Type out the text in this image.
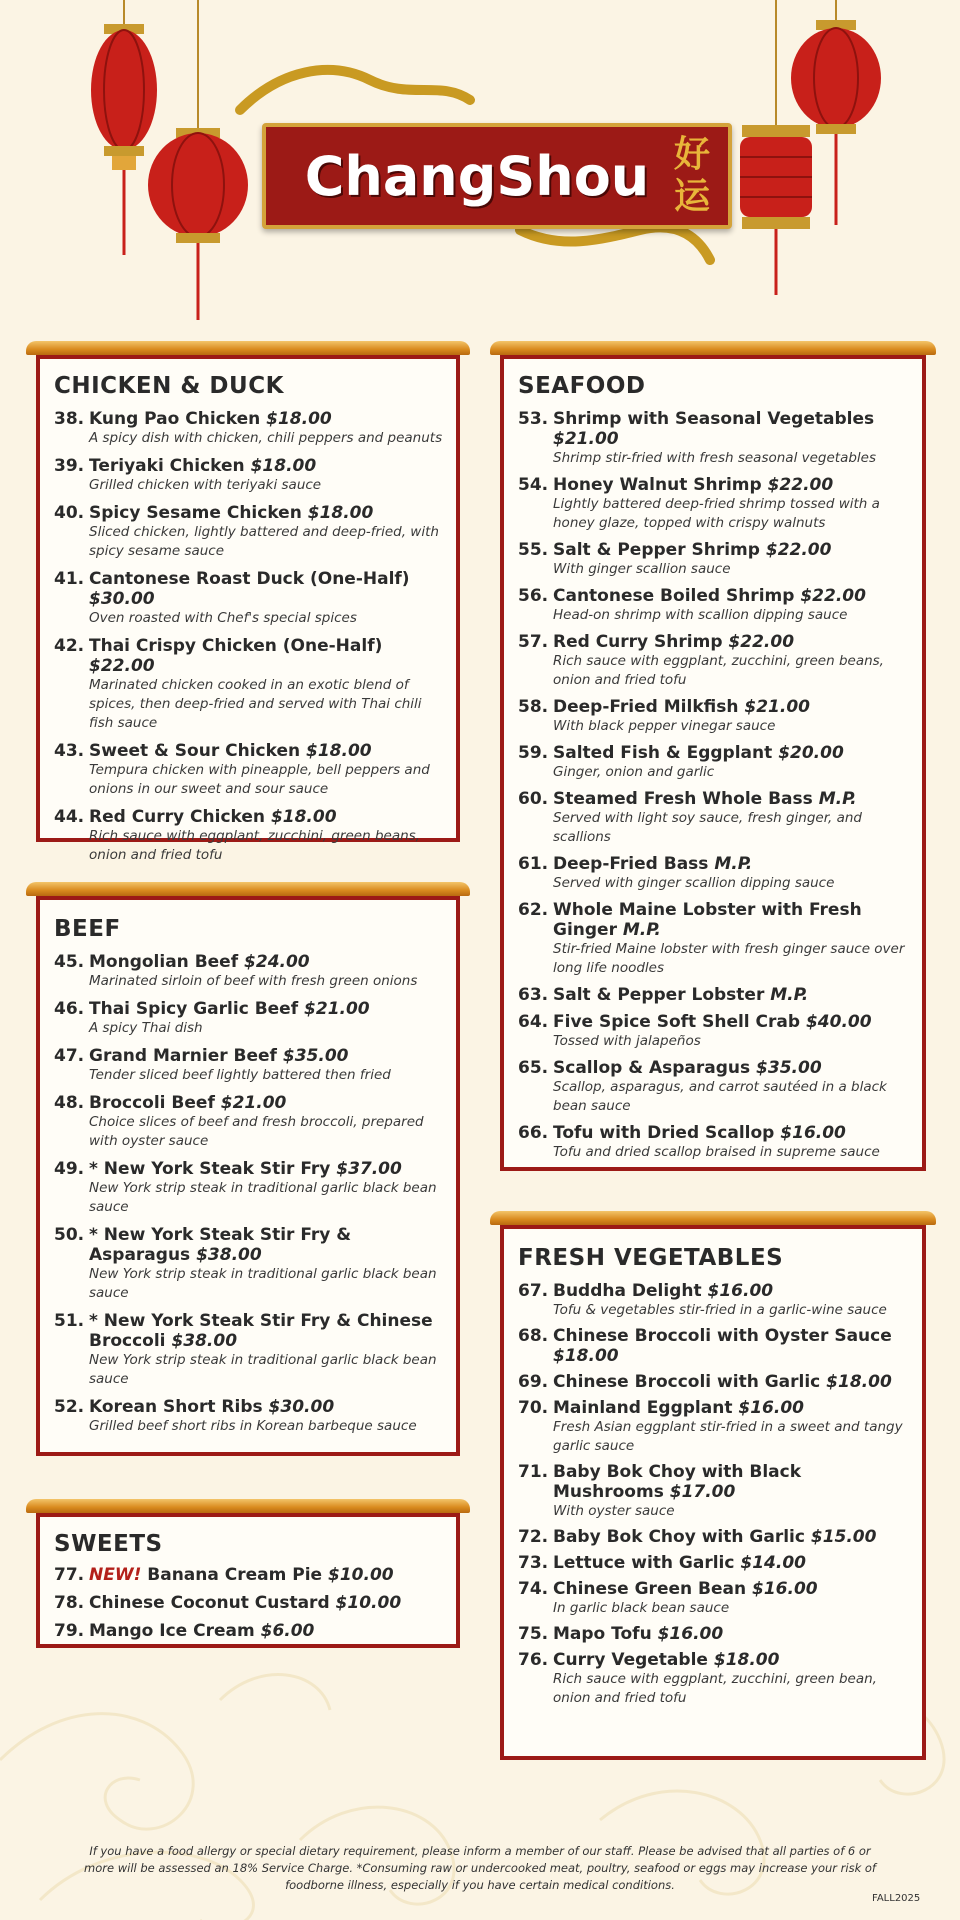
ChangShou 好运
CHICKEN & DUCK
38. Kung Pao Chicken $18.00
A spicy dish with chicken, chili peppers and peanuts
39. Teriyaki Chicken $18.00
Grilled chicken with teriyaki sauce
40. Spicy Sesame Chicken $18.00
Sliced chicken, lightly battered and deep-fried, with spicy sesame sauce
41. Cantonese Roast Duck (One-Half) $30.00
Oven roasted with Chef's special spices
42. Thai Crispy Chicken (One-Half) $22.00
Marinated chicken cooked in an exotic blend of spices, then deep-fried and served with Thai chili fish sauce
43. Sweet & Sour Chicken $18.00
Tempura chicken with pineapple, bell peppers and onions in our sweet and sour sauce
44. Red Curry Chicken $18.00
Rich sauce with eggplant, zucchini, green beans, onion and fried tofu
BEEF
45. Mongolian Beef $24.00
Marinated sirloin of beef with fresh green onions
46. Thai Spicy Garlic Beef $21.00
A spicy Thai dish
47. Grand Marnier Beef $35.00
Tender sliced beef lightly battered then fried
48. Broccoli Beef $21.00
Choice slices of beef and fresh broccoli, prepared with oyster sauce
49. * New York Steak Stir Fry $37.00
New York strip steak in traditional garlic black bean sauce
50. * New York Steak Stir Fry & Asparagus $38.00
New York strip steak in traditional garlic black bean sauce
51. * New York Steak Stir Fry & Chinese Broccoli $38.00
New York strip steak in traditional garlic black bean sauce
52. Korean Short Ribs $30.00
Grilled beef short ribs in Korean barbeque sauce
SWEETS
77. NEW! Banana Cream Pie $10.00
78. Chinese Coconut Custard $10.00
79. Mango Ice Cream $6.00
SEAFOOD
53. Shrimp with Seasonal Vegetables $21.00
Shrimp stir-fried with fresh seasonal vegetables
54. Honey Walnut Shrimp $22.00
Lightly battered deep-fried shrimp tossed with a honey glaze, topped with crispy walnuts
55. Salt & Pepper Shrimp $22.00
With ginger scallion sauce
56. Cantonese Boiled Shrimp $22.00
Head-on shrimp with scallion dipping sauce
57. Red Curry Shrimp $22.00
Rich sauce with eggplant, zucchini, green beans, onion and fried tofu
58. Deep-Fried Milkfish $21.00
With black pepper vinegar sauce
59. Salted Fish & Eggplant $20.00
Ginger, onion and garlic
60. Steamed Fresh Whole Bass M.P.
Served with light soy sauce, fresh ginger, and scallions
61. Deep-Fried Bass M.P.
Served with ginger scallion dipping sauce
62. Whole Maine Lobster with Fresh Ginger M.P.
Stir-fried Maine lobster with fresh ginger sauce over long life noodles
63. Salt & Pepper Lobster M.P.
64. Five Spice Soft Shell Crab $40.00
Tossed with jalapeños
65. Scallop & Asparagus $35.00
Scallop, asparagus, and carrot sautéed in a black bean sauce
66. Tofu with Dried Scallop $16.00
Tofu and dried scallop braised in supreme sauce
FRESH VEGETABLES
67. Buddha Delight $16.00
Tofu & vegetables stir-fried in a garlic-wine sauce
68. Chinese Broccoli with Oyster Sauce $18.00
69. Chinese Broccoli with Garlic $18.00
70. Mainland Eggplant $16.00
Fresh Asian eggplant stir-fried in a sweet and tangy garlic sauce
71. Baby Bok Choy with Black Mushrooms $17.00
With oyster sauce
72. Baby Bok Choy with Garlic $15.00
73. Lettuce with Garlic $14.00
74. Chinese Green Bean $16.00
In garlic black bean sauce
75. Mapo Tofu $16.00
76. Curry Vegetable $18.00
Rich sauce with eggplant, zucchini, green bean, onion and fried tofu
If you have a food allergy or special dietary requirement, please inform a member of our staff. Please be advised that all parties of 6 or more will be assessed an 18% Service Charge. *Consuming raw or undercooked meat, poultry, seafood or eggs may increase your risk of foodborne illness, especially if you have certain medical conditions.
FALL2025
